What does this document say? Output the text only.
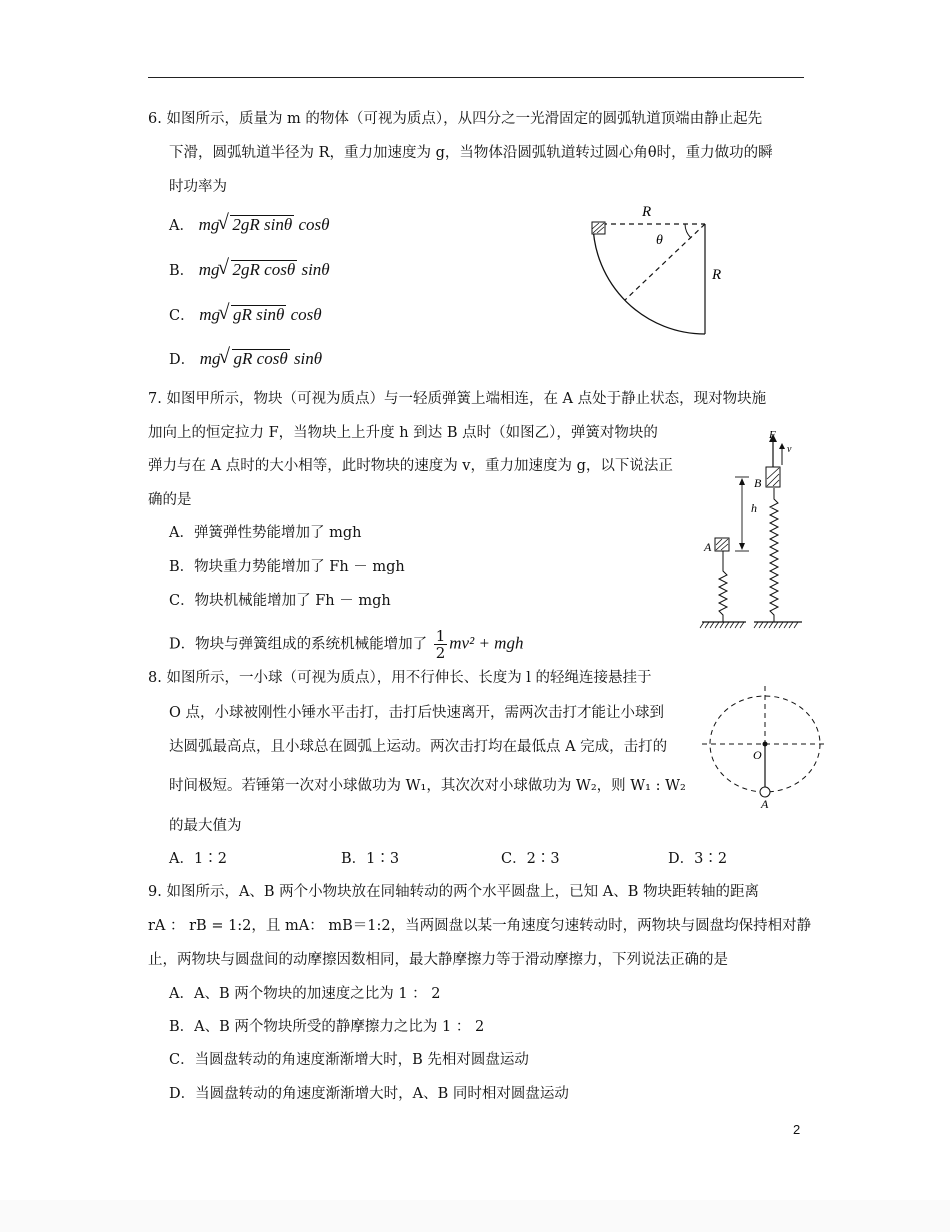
6. 如图所示，质量为 m 的物体（可视为质点），从四分之一光滑固定的圆弧轨道顶端由静止起先
下滑，圆弧轨道半径为 R，重力加速度为 g，当物体沿圆弧轨道转过圆心角θ时，重力做功的瞬
时功率为
A． mg √ 2gR sinθ cosθ
B． mg √ 2gR cosθ sinθ
C． mg √ gR sinθ cosθ
D． mg √ gR cosθ sinθ
R
θ
R
7. 如图甲所示，物块（可视为质点）与一轻质弹簧上端相连，在 A 点处于静止状态，现对物块施
加向上的恒定拉力 F，当物块上上升度 h 到达 B 点时（如图乙），弹簧对物块的
弹力与在 A 点时的大小相等，此时物块的速度为 v，重力加速度为 g，以下说法正
确的是
A．弹簧弹性势能增加了 mgh
B．物块重力势能增加了 Fh － mgh
C．物块机械能增加了 Fh － mgh
D．物块与弹簧组成的系统机械能增加了 $\frac{1}{2} mv^2$ + mgh
A
B
F
v
h
8. 如图所示，一小球（可视为质点），用不行伸长、长度为 l 的轻绳连接悬挂于
O 点，小球被刚性小锤水平击打，击打后快速离开，需两次击打才能让小球到
达圆弧最高点，且小球总在圆弧上运动。两次击打均在最低点 A 完成，击打的
时间极短。若锤第一次对小球做功为 W₁，其次次对小球做功为 W₂，则 W₁ : W₂
的最大值为
A．1∶2	B．1∶3	C．2∶3	D．3∶2
O
A
9. 如图所示，A、B 两个小物块放在同轴转动的两个水平圆盘上，已知 A、B 物块距转轴的距离
rA ： rB = 1:2，且 mA： mB＝1:2，当两圆盘以某一角速度匀速转动时，两物块与圆盘均保持相对静
止，两物块与圆盘间的动摩擦因数相同，最大静摩擦力等于滑动摩擦力，下列说法正确的是
A．A、B 两个物块的加速度之比为 1 ： 2
B．A、B 两个物块所受的静摩擦力之比为 1 ： 2
C．当圆盘转动的角速度渐渐增大时，B 先相对圆盘运动
D．当圆盘转动的角速度渐渐增大时，A、B 同时相对圆盘运动
2
